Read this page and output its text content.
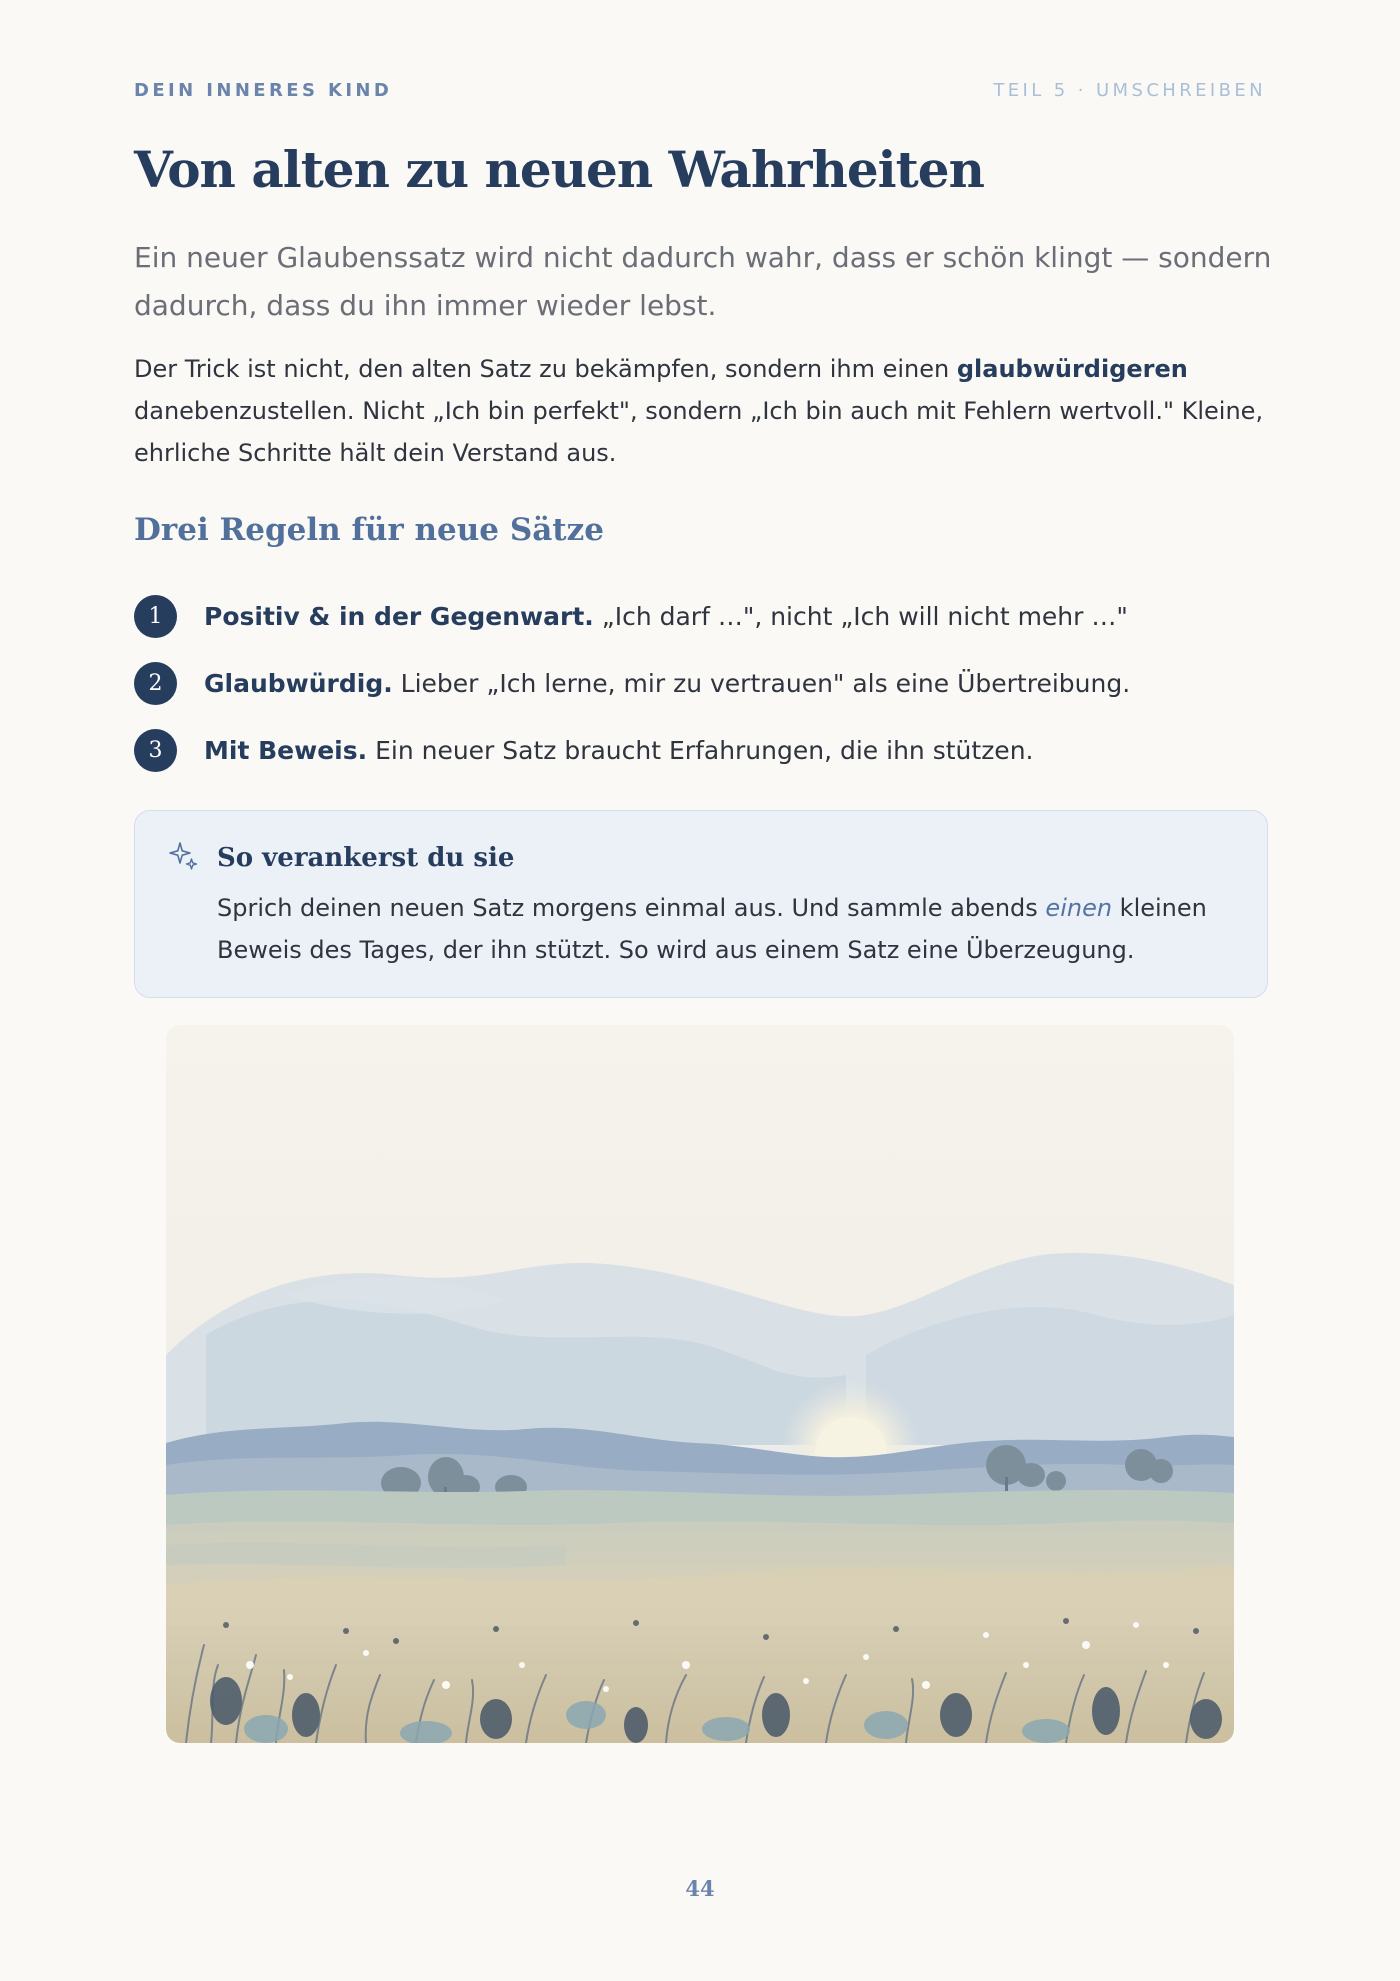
DEIN INNERES KIND	TEIL 5 · UMSCHREIBEN
Von alten zu neuen Wahrheiten

Ein neuer Glaubenssatz wird nicht dadurch wahr, dass er schön klingt — sondern dadurch, dass du ihn immer wieder lebst.

Der Trick ist nicht, den alten Satz zu bekämpfen, sondern ihm einen glaubwürdigeren danebenzustellen. Nicht „Ich bin perfekt", sondern „Ich bin auch mit Fehlern wertvoll." Kleine, ehrliche Schritte hält dein Verstand aus.

Drei Regeln für neue Sätze
1	Positiv & in der Gegenwart. „Ich darf …", nicht „Ich will nicht mehr …"
2	Glaubwürdig. Lieber „Ich lerne, mir zu vertrauen" als eine Übertreibung.
3	Mit Beweis. Ein neuer Satz braucht Erfahrungen, die ihn stützen.
So verankerst du sie

Sprich deinen neuen Satz morgens einmal aus. Und sammle abends einen kleinen Beweis des Tages, der ihn stützt. So wird aus einem Satz eine Überzeugung.

44
